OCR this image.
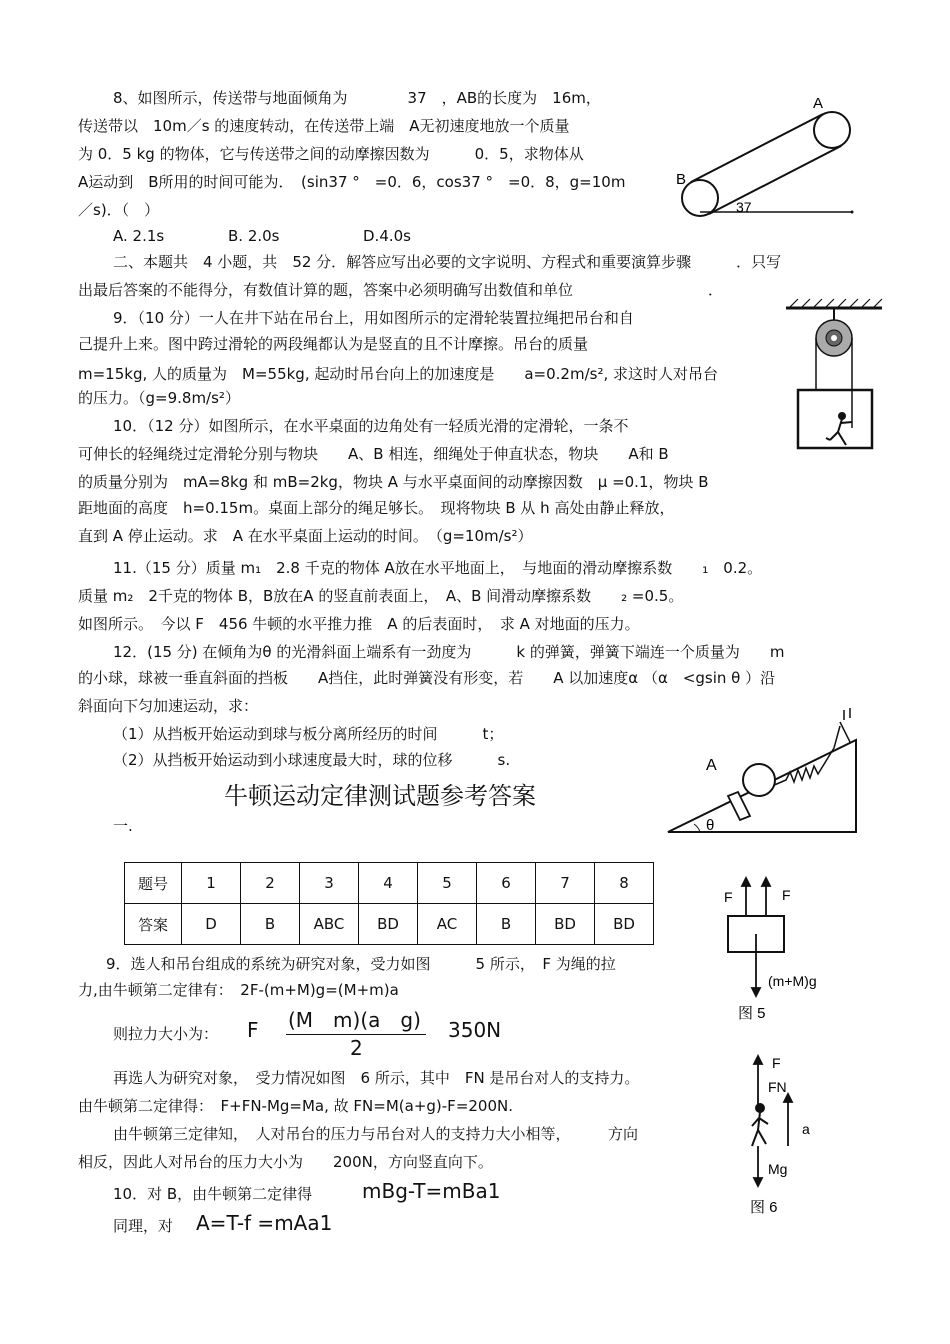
8、如图所示，传送带与地面倾角为　　　　37　，AB的长度为　16m，
传送带以　10m／s 的速度转动，在传送带上端　A无初速度地放一个质量
为 0．5 kg 的物体，它与传送带之间的动摩擦因数为　　　0．5，求物体从
A运动到　B所用的时间可能为．　(sin37 °　=0．6，cos37 °　=0．8，g=10m
／s)．（　）
A. 2.1s	B. 2.0s	D.4.0s
A
B
37
二、本题共　4 小题，共　52 分．解答应写出必要的文字说明、方程式和重要演算步骤　　　．只写
出最后答案的不能得分，有数值计算的题，答案中必须明确写出数值和单位　　　　　　　　　．
9．（10 分）一人在井下站在吊台上，用如图所示的定滑轮装置拉绳把吊台和自
己提升上来。图中跨过滑轮的两段绳都认为是竖直的且不计摩擦。吊台的质量
m=15kg, 人的质量为　M=55kg, 起动时吊台向上的加速度是　　a=0.2m/s², 求这时人对吊台
的压力。（g=9.8m/s²）
10．（12 分）如图所示，在水平桌面的边角处有一轻质光滑的定滑轮，一条不
可伸长的轻绳绕过定滑轮分别与物块　　A、B 相连，细绳处于伸直状态，物块　　A和 B
的质量分别为　mA=8kg 和 mB=2kg，物块 A 与水平桌面间的动摩擦因数　μ =0.1，物块 B
距地面的高度　h=0.15m。桌面上部分的绳足够长。　现将物块 B 从 h 高处由静止释放，
直到 A 停止运动。求　A 在水平桌面上运动的时间。　（g=10m/s²）
11.（15 分）质量 m₁　2.8 千克的物体 A放在水平地面上，　与地面的滑动摩擦系数　　₁　0.2。
质量 m₂　2千克的物体 B，B放在A 的竖直前表面上，　A、B 间滑动摩擦系数　　₂ =0.5。
如图所示。　今以 F　456 牛顿的水平推力推　A 的后表面时，　求 A 对地面的压力。
12．(15 分) 在倾角为θ 的光滑斜面上端系有一劲度为　　　k 的弹簧，弹簧下端连一个质量为　　m
的小球，球被一垂直斜面的挡板　　A挡住，此时弹簧没有形变，若　　A 以加速度α （α　<gsin θ ）沿
斜面向下匀加速运动，求：
（1）从挡板开始运动到球与板分离所经历的时间　　　t；
（2）从挡板开始运动到小球速度最大时，球的位移　　　s.	A
θ
牛顿运动定律测试题参考答案
一.
题号	1	2	3	4	5	6	7	8
答案	D	B	ABC	BD	AC	B	BD	BD
9．选人和吊台组成的系统为研究对象，受力如图　　　5 所示，　F 为绳的拉
力,由牛顿第二定律有：　2F-(m+M)g=(M+m)a
则拉力大小为： F (M　m)(a　g)
2
350N
再选人为研究对象，　受力情况如图　6 所示，其中　FN 是吊台对人的支持力。
由牛顿第二定律得：　F+FN-Mg=Ma, 故 FN=M(a+g)-F=200N.
由牛顿第三定律知，　人对吊台的压力与吊台对人的支持力大小相等，　　　方向
相反，因此人对吊台的压力大小为　　200N，方向竖直向下。
10．对 B，由牛顿第二定律得 mBg-T=mBa1
同理，对 A=T-f =mAa1
F	F
(m+M)g
图 5
F
FN
a
Mg
图 6
